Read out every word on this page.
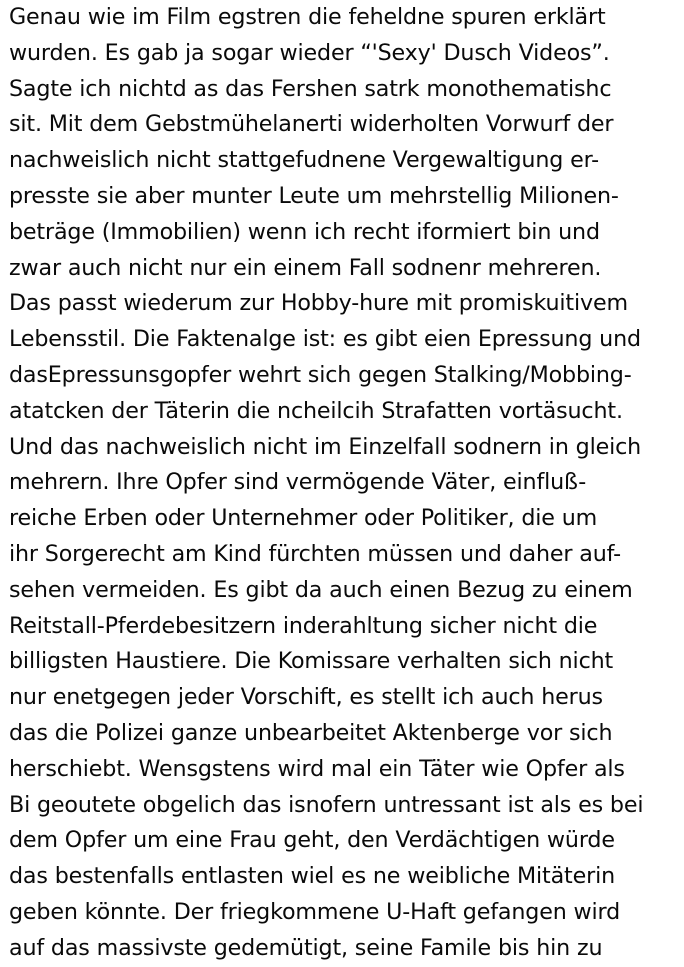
Genau wie im Film egstren die feheldne spuren erklärt
wurden. Es gab ja sogar wieder “'Sexy' Dusch Videos”.
Sagte ich nichtd as das Fershen satrk monothematishc
sit. Mit dem Gebstmühelanerti widerholten Vorwurf der
nachweislich nicht stattgefudnene Vergewaltigung er-
presste sie aber munter Leute um mehrstellig Milionen-
beträge (Immobilien) wenn ich recht iformiert bin und
zwar auch nicht nur ein einem Fall sodnenr mehreren.
Das passt wiederum zur Hobby-hure mit promiskuitivem
Lebensstil. Die Faktenalge ist: es gibt eien Epressung und
dasEpressunsgopfer wehrt sich gegen Stalking/Mobbing-
atatcken der Täterin die ncheilcih Strafatten vortäsucht.
Und das nachweislich nicht im Einzelfall sodnern in gleich
mehrern. Ihre Opfer sind vermögende Väter, einfluß-
reiche Erben oder Unternehmer oder Politiker, die um
ihr Sorgerecht am Kind fürchten müssen und daher auf-
sehen vermeiden. Es gibt da auch einen Bezug zu einem
Reitstall-Pferdebesitzern inderahltung sicher nicht die
billigsten Haustiere. Die Komissare verhalten sich nicht
nur enetgegen jeder Vorschift, es stellt ich auch herus
das die Polizei ganze unbearbeitet Aktenberge vor sich
herschiebt. Wensgstens wird mal ein Täter wie Opfer als
Bi geoutete obgelich das isnofern untressant ist als es bei
dem Opfer um eine Frau geht, den Verdächtigen würde
das bestenfalls entlasten wiel es ne weibliche Mitäterin
geben könnte. Der friegkommene U-Haft gefangen wird
auf das massivste gedemütigt, seine Famile bis hin zu
